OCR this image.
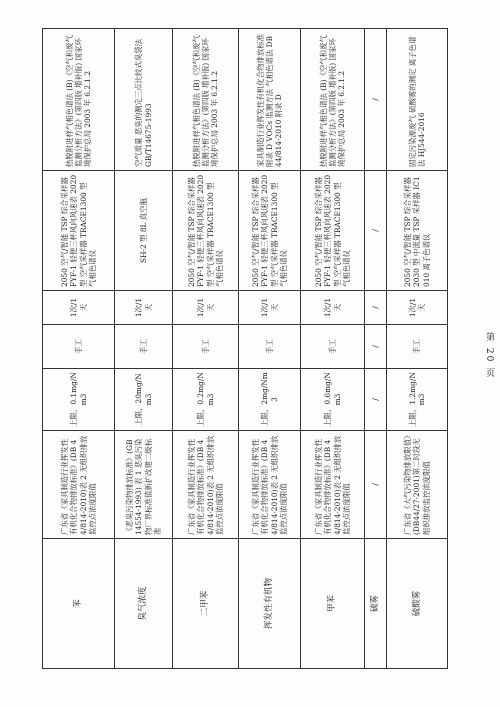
苯	广东省《家具制造行业挥发性有机化合物排放标准》(DB 44/814-2010)表 2 无组织排放监控点浓度限值	上限，0.1mg/Nm3	手工	1次/1 天	2050 空气/智能 TSP 综合采样器 FYF-1 轻便三杯风向风速表 2020 型 空气采样器 TRACE1300 型 气相色谱仪	热脱附进样气相色谱法 (B)《空气和废气监测分析方法》(第四版 增补版) 国家环境保护总局 2003 年 6.2.1.2
臭气浓度	《恶臭污染物排放标准》(GB 14554-1993) 表 1 恶臭污染物厂界标准值新扩改建二级标准	上限，20mg/Nm3	手工	1次/1 天	SH-2 型 8L 真空瓶	空气质量 恶臭的测定三点比较式臭袋法 GB/T14675-1993
二甲苯	广东省《家具制造行业挥发性有机化合物排放标准》(DB 44/814-2010)表 2 无组织排放监控点浓度限值	上限，0.2mg/Nm3	手工	1次/1 天	2050 空气/智能 TSP 综合采样器 FYF-1 轻便三杯风向风速表 2020 型 空气采样器 TRACE1300 型 气相色谱仪	热脱附进样气相色谱法 (B)《空气和废气监测分析方法》(第四版 增补版) 国家环境保护总局 2003 年 6.2.1.2
挥发性有机物	广东省《家具制造行业挥发性有机化合物排放标准》(DB 44/814-2010)表 2 无组织排放监控点浓度限值	上限，2mg/Nm3	手工	1次/1 天	2050 空气/智能 TSP 综合采样器 FYF-1 轻便三杯风向风速表 2020 型 空气采样器 TRACE1300 型 气相色谱仪	家具制造行业挥发性有机化合物排放标准 附录 D VOCs 监测方法 气相色谱法 DB 44/814-2010 附录 D
甲苯	广东省《家具制造行业挥发性有机化合物排放标准》(DB 44/814-2010)表 2 无组织排放监控点浓度限值	上限，0.6mg/Nm3	手工	1次/1 天	2050 空气/智能 TSP 综合采样器 FYF-1 轻便三杯风向风速表 2020 型 空气采样器 TRACE1300 型 气相色谱仪	热脱附进样气相色谱法 (B)《空气和废气监测分析方法》(第四版 增补版) 国家环境保护总局 2003 年 6.2.1.2
硫雾	/	/	/	/	/	/
硫酸雾	广东省《大气污染物排放限值》(DB44/27-2001)第二时段无组织排放监控浓度限值	上限，1.2mg/Nm3	手工	1次/1 天	2050 空气/智能 TSP 综合采样器 2030 型 中流量 TSP 采样器 IC1010 离子色谱仪	固定污染源废气 硫酸雾的测定 离子色谱法 HJ544-2016
第 20 页
